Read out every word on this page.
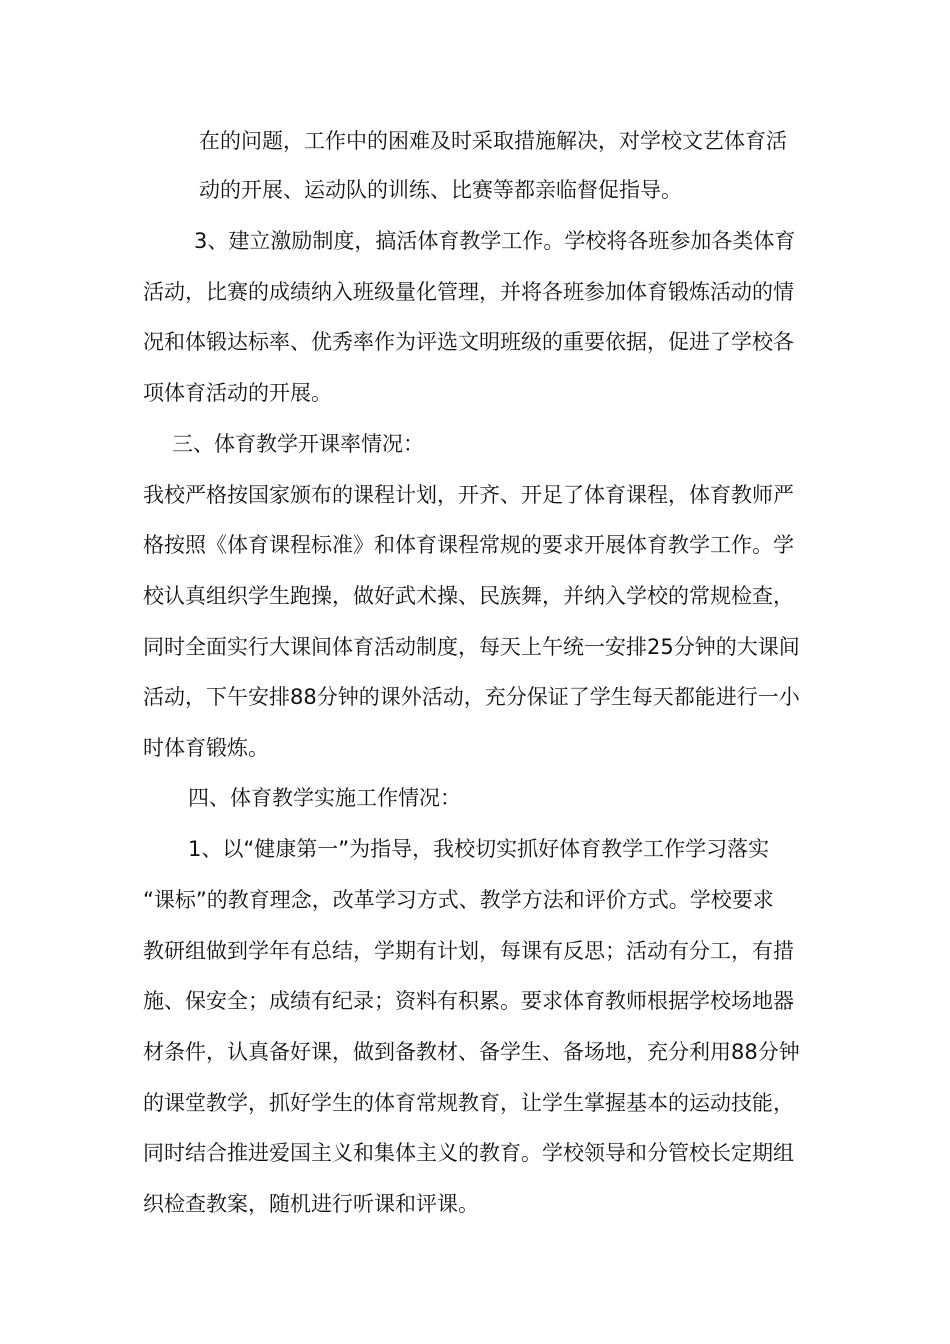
在的问题，工作中的困难及时采取措施解决，对学校文艺体育活

动的开展、运动队的训练、比赛等都亲临督促指导。

3、建立激励制度，搞活体育教学工作。学校将各班参加各类体育

活动，比赛的成绩纳入班级量化管理，并将各班参加体育锻炼活动的情

况和体锻达标率、优秀率作为评选文明班级的重要依据，促进了学校各

项体育活动的开展。

三、体育教学开课率情况：

我校严格按国家颁布的课程计划，开齐、开足了体育课程，体育教师严

格按照《体育课程标准》和体育课程常规的要求开展体育教学工作。学

校认真组织学生跑操，做好武术操、民族舞，并纳入学校的常规检查，

同时全面实行大课间体育活动制度，每天上午统一安排25分钟的大课间

活动，下午安排88分钟的课外活动，充分保证了学生每天都能进行一小

时体育锻炼。

四、体育教学实施工作情况：

1、以“健康第一”为指导，我校切实抓好体育教学工作学习落实

“课标”的教育理念，改革学习方式、教学方法和评价方式。学校要求

教研组做到学年有总结，学期有计划，每课有反思；活动有分工，有措

施、保安全；成绩有纪录；资料有积累。要求体育教师根据学校场地器

材条件，认真备好课，做到备教材、备学生、备场地，充分利用88分钟

的课堂教学，抓好学生的体育常规教育，让学生掌握基本的运动技能，

同时结合推进爱国主义和集体主义的教育。学校领导和分管校长定期组

织检查教案，随机进行听课和评课。
